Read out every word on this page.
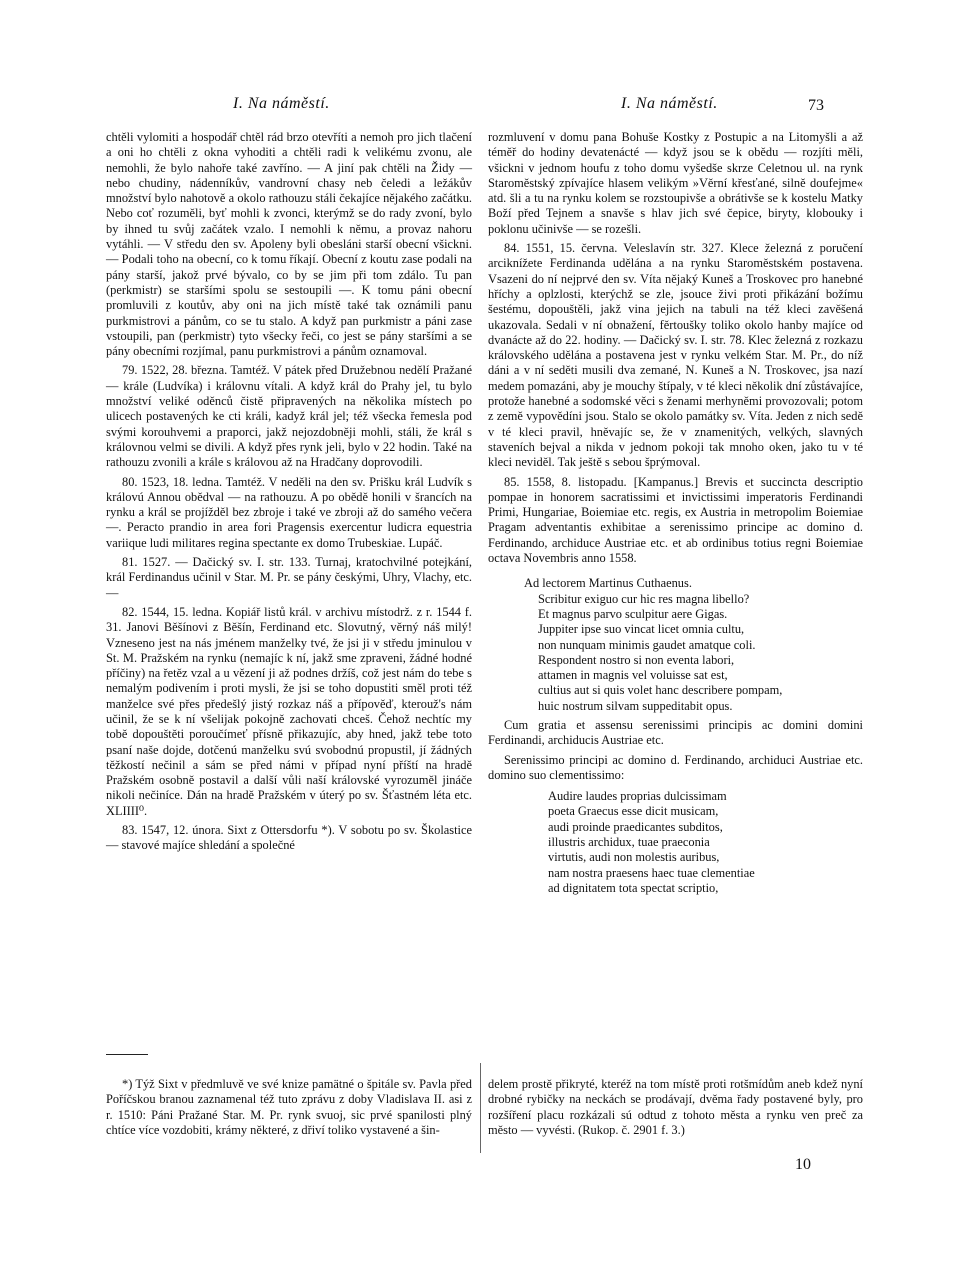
I. Na náměstí.	I. Na náměstí.	73

chtěli vylomiti a hospodář chtěl rád brzo otevříti a nemoh pro jich tlačení a oni ho chtěli z okna vyhoditi a chtěli radi k velikému zvonu, ale nemohli, že bylo nahoře také zavříno. — A jiní pak chtěli na Židy — nebo chudiny, nádenníkův, vandrovní chasy neb čeledi a ležákův množství bylo nahotově a okolo rathouzu stáli čekajíce nějakého začátku. Nebo coť rozuměli, byť mohli k zvonci, kterýmž se do rady zvoní, bylo by ihned tu svůj začátek vzalo. I nemohli k němu, a provaz nahoru vytáhli. — V středu den sv. Apoleny byli obesláni starší obecní všickni. — Podali toho na obecní, co k tomu říkají. Obecní z koutu zase podali na pány starší, jakož prvé bývalo, co by se jim při tom zdálo. Tu pan (perkmistr) se staršími spolu se sestoupili —. K tomu páni obecní promluvili z koutův, aby oni na jich místě také tak oznámili panu purkmistrovi a pánům, co se tu stalo. A když pan purkmistr a páni zase vstoupili, pan (perkmistr) tyto všecky řeči, co jest se pány staršími a se pány obecními rozjímal, panu purkmistrovi a pánům oznamoval.

79. 1522, 28. března. Tamtéž. V pátek před Družebnou nedělí Pražané — krále (Ludvíka) i královnu vítali. A když král do Prahy jel, tu bylo množství veliké oděnců čistě připravených na několika místech po ulicech postavených ke cti králi, kadyž král jel; též všecka řemesla pod svými korouhvemi a praporci, jakž nejozdobněji mohli, stáli, že král s královnou velmi se divili. A když přes rynk jeli, bylo v 22 hodin. Také na rathouzu zvonili a krále s královou až na Hradčany doprovodili.

80. 1523, 18. ledna. Tamtéž. V neděli na den sv. Prišku král Ludvík s královú Annou obědval — na rathouzu. A po obědě honili v šrancích na rynku a král se projížděl bez zbroje i také ve zbroji až do samého večera —. Peracto prandio in area fori Pragensis exercentur ludicra equestria variique ludi militares regina spectante ex domo Trubeskiae. Lupáč.

81. 1527. — Dačický sv. I. str. 133. Turnaj, kratochvilné potejkání, král Ferdinandus učinil v Star. M. Pr. se pány českými, Uhry, Vlachy, etc. —

82. 1544, 15. ledna. Kopiář listů král. v archivu místodrž. z r. 1544 f. 31. Janovi Běšínovi z Běšín, Ferdinand etc. Slovutný, věrný náš milý! Vzneseno jest na nás jménem manželky tvé, že jsi ji v středu jminulou v St. M. Pražském na rynku (nemajíc k ní, jakž sme zpraveni, žádné hodné příčiny) na řetěz vzal a u vězení ji až podnes držíš, což jest nám do tebe s nemalým podivením i proti mysli, že jsi se toho dopustiti směl proti též manželce své přes předešlý jistý rozkaz náš a přípověď, kterouž's nám učinil, že se k ní všelijak pokojně zachovati chceš. Čehož nechtíc my tobě dopouštěti poroučímeť přísně přikazujíc, aby hned, jakž tebe toto psaní naše dojde, dotčenú manželku svú svobodnú propustil, jí žádných těžkostí nečinil a sám se před námi v případ nyní příští na hradě Pražském osobně postavil a další vůli naší královské vyrozuměl jináče nikoli nečiníce. Dán na hradě Pražském v úterý po sv. Šťastném léta etc. XLIIII⁰.

83. 1547, 12. února. Sixt z Ottersdorfu *). V sobotu po sv. Školastice — stavové majíce shledání a společné

rozmluvení v domu pana Bohuše Kostky z Postupic a na Litomyšli a až téměř do hodiny devatenácté — když jsou se k obědu — rozjíti měli, všickni v jednom houfu z toho domu vyšedše skrze Celetnou ul. na rynk Staroměstský zpívajíce hlasem velikým »Věrní křesťané, silně doufejme« atd. šli a tu na rynku kolem se rozstoupivše a obrátivše se k kostelu Matky Boží před Tejnem a snavše s hlav jich své čepice, biryty, klobouky i poklonu učinivše — se rozešli.

84. 1551, 15. června. Veleslavín str. 327. Klece železná z poručení arciknížete Ferdinanda udělána a na rynku Staroměstském postavena. Vsazeni do ní nejprvé den sv. Víta nějaký Kuneš a Troskovec pro hanebné hříchy a oplzlosti, kterýchž se zle, jsouce živi proti přikázání božímu šestému, dopouštěli, jakž vina jejich na tabuli na též kleci zavěšená ukazovala. Sedali v ní obnažení, fěrtoušky toliko okolo hanby majíce od dvanácte až do 22. hodiny. — Dačický sv. I. str. 78. Klec železná z rozkazu královského udělána a postavena jest v rynku velkém Star. M. Pr., do níž dáni a v ní seděti musili dva zemané, N. Kuneš a N. Troskovec, jsa nazí medem pomazáni, aby je mouchy štípaly, v té kleci několik dní zůstávajíce, protože hanebné a sodomské věci s ženami merhyněmi provozovali; potom z země vypovědíni jsou. Stalo se okolo památky sv. Víta. Jeden z nich sedě v té kleci pravil, hněvajíc se, že v znamenitých, velkých, slavných staveních bejval a nikda v jednom pokoji tak mnoho oken, jako tu v té kleci neviděl. Tak ještě s sebou šprýmoval.

85. 1558, 8. listopadu. [Kampanus.] Brevis et succincta descriptio pompae in honorem sacratissimi et invictissimi imperatoris Ferdinandi Primi, Hungariae, Boiemiae etc. regis, ex Austria in metropolim Boiemiae Pragam adventantis exhibitae a serenissimo principe ac domino d. Ferdinando, archiduce Austriae etc. et ab ordinibus totius regni Boiemiae octava Novembris anno 1558.

Ad lectorem Martinus Cuthaenus.
Scribitur exiguo cur hic res magna libello?
Et magnus parvo sculpitur aere Gigas.
Juppiter ipse suo vincat licet omnia cultu,
non nunquam minimis gaudet amatque coli.
Respondent nostro si non eventa labori,
attamen in magnis vel voluisse sat est,
cultius aut si quis volet hanc describere pompam,
huic nostrum silvam suppeditabit opus.

Cum gratia et assensu serenissimi principis ac domini domini Ferdinandi, archiducis Austriae etc.

Serenissimo principi ac domino d. Ferdinando, archiduci Austriae etc. domino suo clementissimo:

Audire laudes proprias dulcissimam
poeta Graecus esse dicit musicam,
audi proinde praedicantes subditos,
illustris archidux, tuae praeconia
virtutis, audi non molestis auribus,
nam nostra praesens haec tuae clementiae
ad dignitatem tota spectat scriptio,
*) Týž Sixt v předmluvě ve své knize pamätné o špitále sv. Pavla před Poříčskou branou zaznamenal též tuto zprávu z doby Vladislava II. asi z r. 1510: Páni Pražané Star. M. Pr. rynk svuoj, sic prvé spanilosti plný chtíce více vozdobiti, krámy některé, z dřiví toliko vystavené a šin-
delem prostě přikryté, kteréž na tom místě proti rotšmídům aneb kdež nyní drobné rybičky na neckách se prodávají, dvěma řady postavené byly, pro rozšíření placu rozkázali sú odtud z tohoto města a rynku ven preč za město — vyvésti. (Rukop. č. 2901 f. 3.)
10
